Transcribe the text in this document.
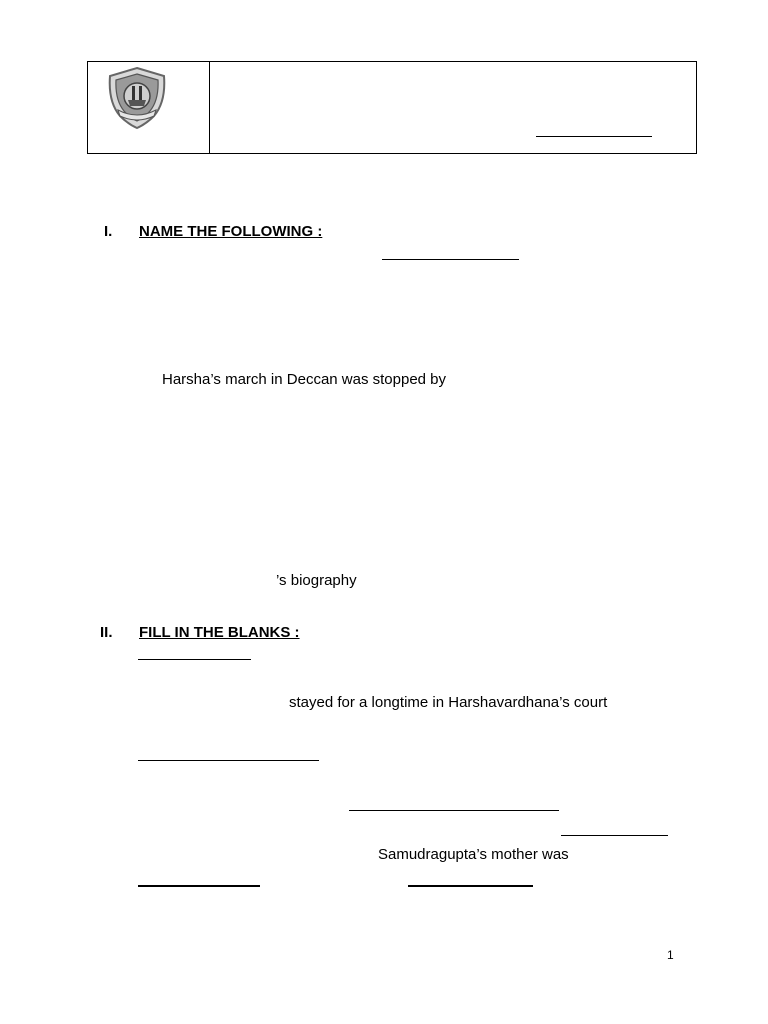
I. NAME THE FOLLOWING :
Harsha’s march in Deccan was stopped by
’s biography
II. FILL IN THE BLANKS :
stayed for a longtime in Harshavardhana’s court
Samudragupta’s mother was
1
